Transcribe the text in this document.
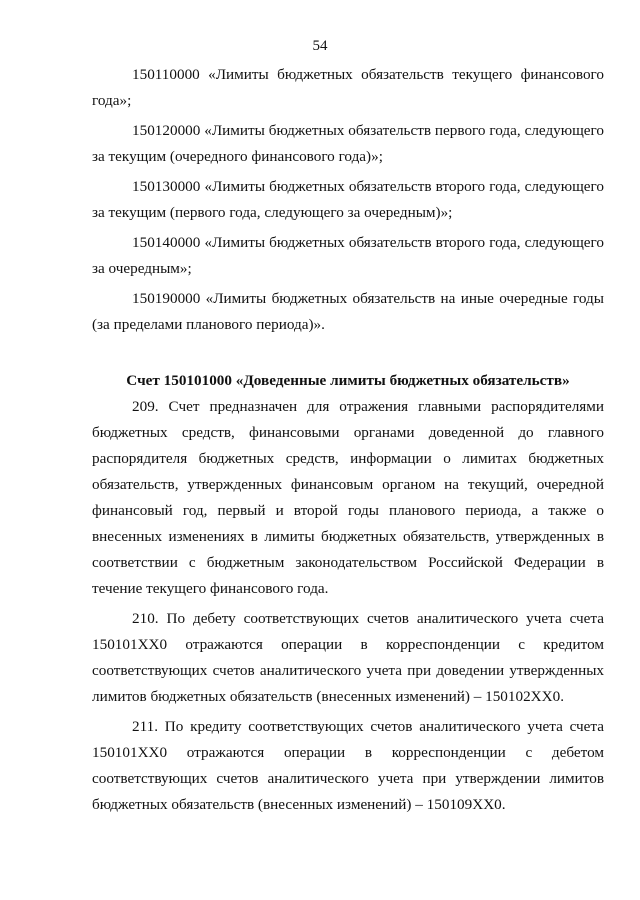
54

150110000 «Лимиты бюджетных обязательств текущего финансового года»;

150120000 «Лимиты бюджетных обязательств первого года, следующего за текущим (очередного финансового года)»;

150130000 «Лимиты бюджетных обязательств второго года, следующего за текущим (первого года, следующего за очередным)»;

150140000 «Лимиты бюджетных обязательств второго года, следующего за очередным»;

150190000 «Лимиты бюджетных обязательств на иные очередные годы (за пределами планового периода)».

Счет 150101000 «Доведенные лимиты бюджетных обязательств»

209. Счет предназначен для отражения главными распорядителями бюджетных средств, финансовыми органами доведенной до главного распорядителя бюджетных средств, информации о лимитах бюджетных обязательств, утвержденных финансовым органом на текущий, очередной финансовый год, первый и второй годы планового периода, а также о внесенных изменениях в лимиты бюджетных обязательств, утвержденных в соответствии с бюджетным законодательством Российской Федерации в течение текущего финансового года.

210. По дебету соответствующих счетов аналитического учета счета 150101ХХ0 отражаются операции в корреспонденции с кредитом соответствующих счетов аналитического учета при доведении утвержденных лимитов бюджетных обязательств (внесенных изменений) – 150102ХХ0.

211. По кредиту соответствующих счетов аналитического учета счета 150101ХХ0 отражаются операции в корреспонденции с дебетом соответствующих счетов аналитического учета при утверждении лимитов бюджетных обязательств (внесенных изменений) – 150109ХХ0.
